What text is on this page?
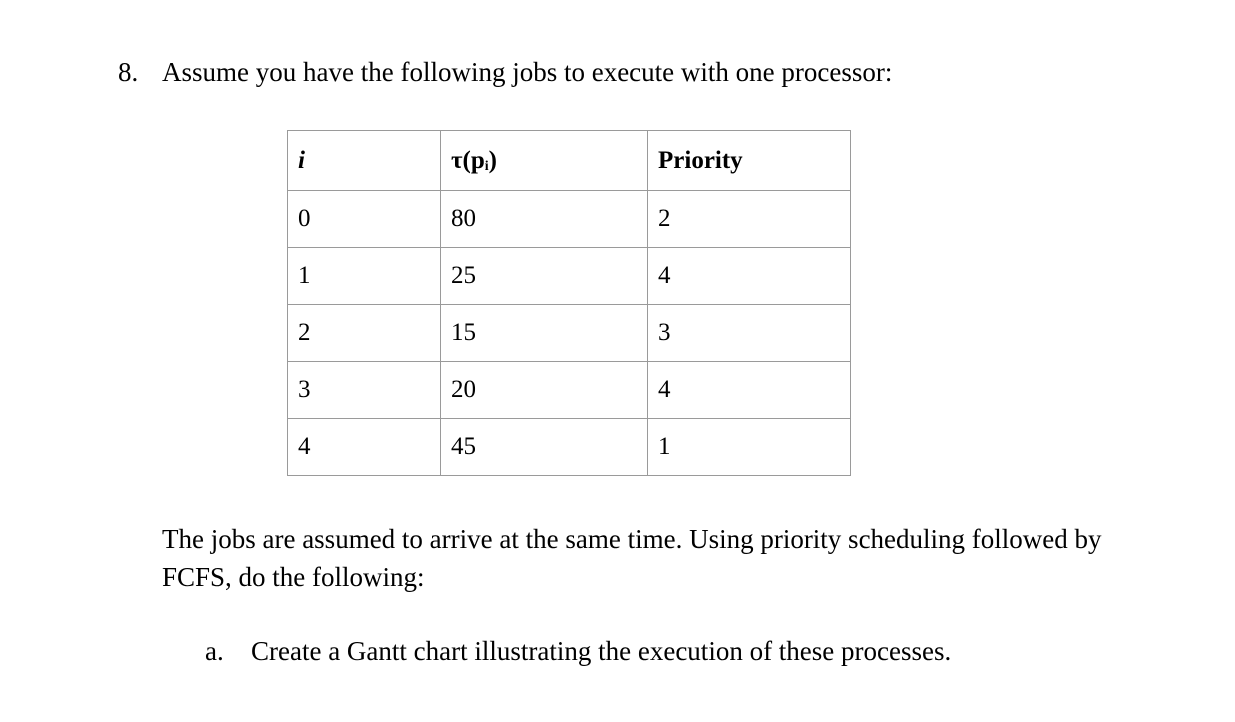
8. Assume you have the following jobs to execute with one processor:
i	$\tau(p_i)$	Priority
0	80	2
1	25	4
2	15	3
3	20	4
4	45	1
The jobs are assumed to arrive at the same time. Using priority scheduling followed by FCFS, do the following:
a. Create a Gantt chart illustrating the execution of these processes.
